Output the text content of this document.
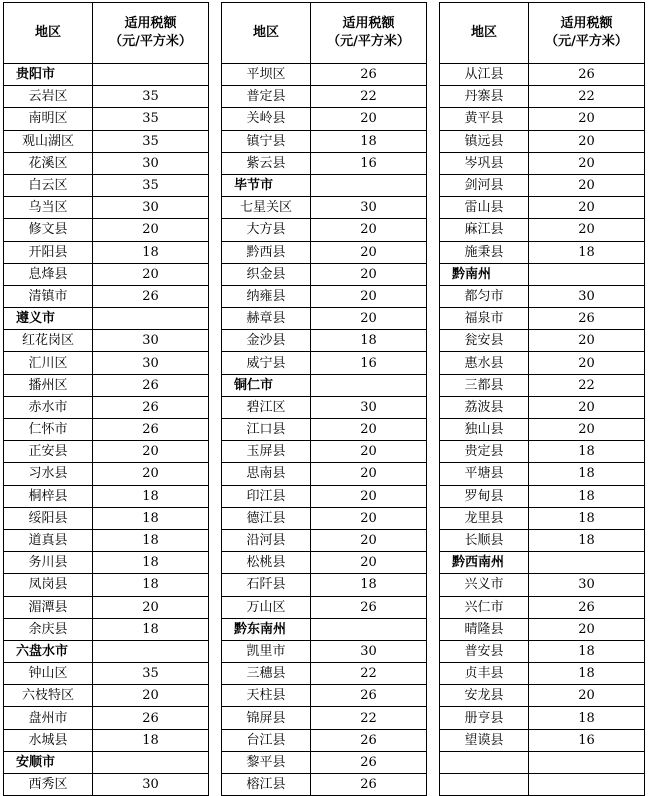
地区	适用税额
（元/平方米）

贵阳市	
云岩区	35
南明区	35
观山湖区	35
花溪区	30
白云区	35
乌当区	30
修文县	20
开阳县	18
息烽县	20
清镇市	26
遵义市	
红花岗区	30
汇川区	30
播州区	26
赤水市	26
仁怀市	26
正安县	20
习水县	20
桐梓县	18
绥阳县	18
道真县	18
务川县	18
凤岗县	18
湄潭县	20
余庆县	18
六盘水市	
钟山区	35
六枝特区	20
盘州市	26
水城县	18
安顺市	
西秀区	30
地区	适用税额
（元/平方米）

平坝区	26
普定县	22
关岭县	20
镇宁县	18
紫云县	16
毕节市	
七星关区	30
大方县	20
黔西县	20
织金县	20
纳雍县	20
赫章县	20
金沙县	18
威宁县	16
铜仁市	
碧江区	30
江口县	20
玉屏县	20
思南县	20
印江县	20
德江县	20
沿河县	20
松桃县	20
石阡县	18
万山区	26
黔东南州	
凯里市	30
三穗县	22
天柱县	26
锦屏县	22
台江县	26
黎平县	26
榕江县	26
地区	适用税额
（元/平方米）

从江县	26
丹寨县	22
黄平县	20
镇远县	20
岑巩县	20
剑河县	20
雷山县	20
麻江县	20
施秉县	18
黔南州	
都匀市	30
福泉市	26
瓮安县	20
惠水县	20
三都县	22
荔波县	20
独山县	20
贵定县	18
平塘县	18
罗甸县	18
龙里县	18
长顺县	18
黔西南州	
兴义市	30
兴仁市	26
晴隆县	20
普安县	18
贞丰县	18
安龙县	20
册亨县	18
望谟县	16
